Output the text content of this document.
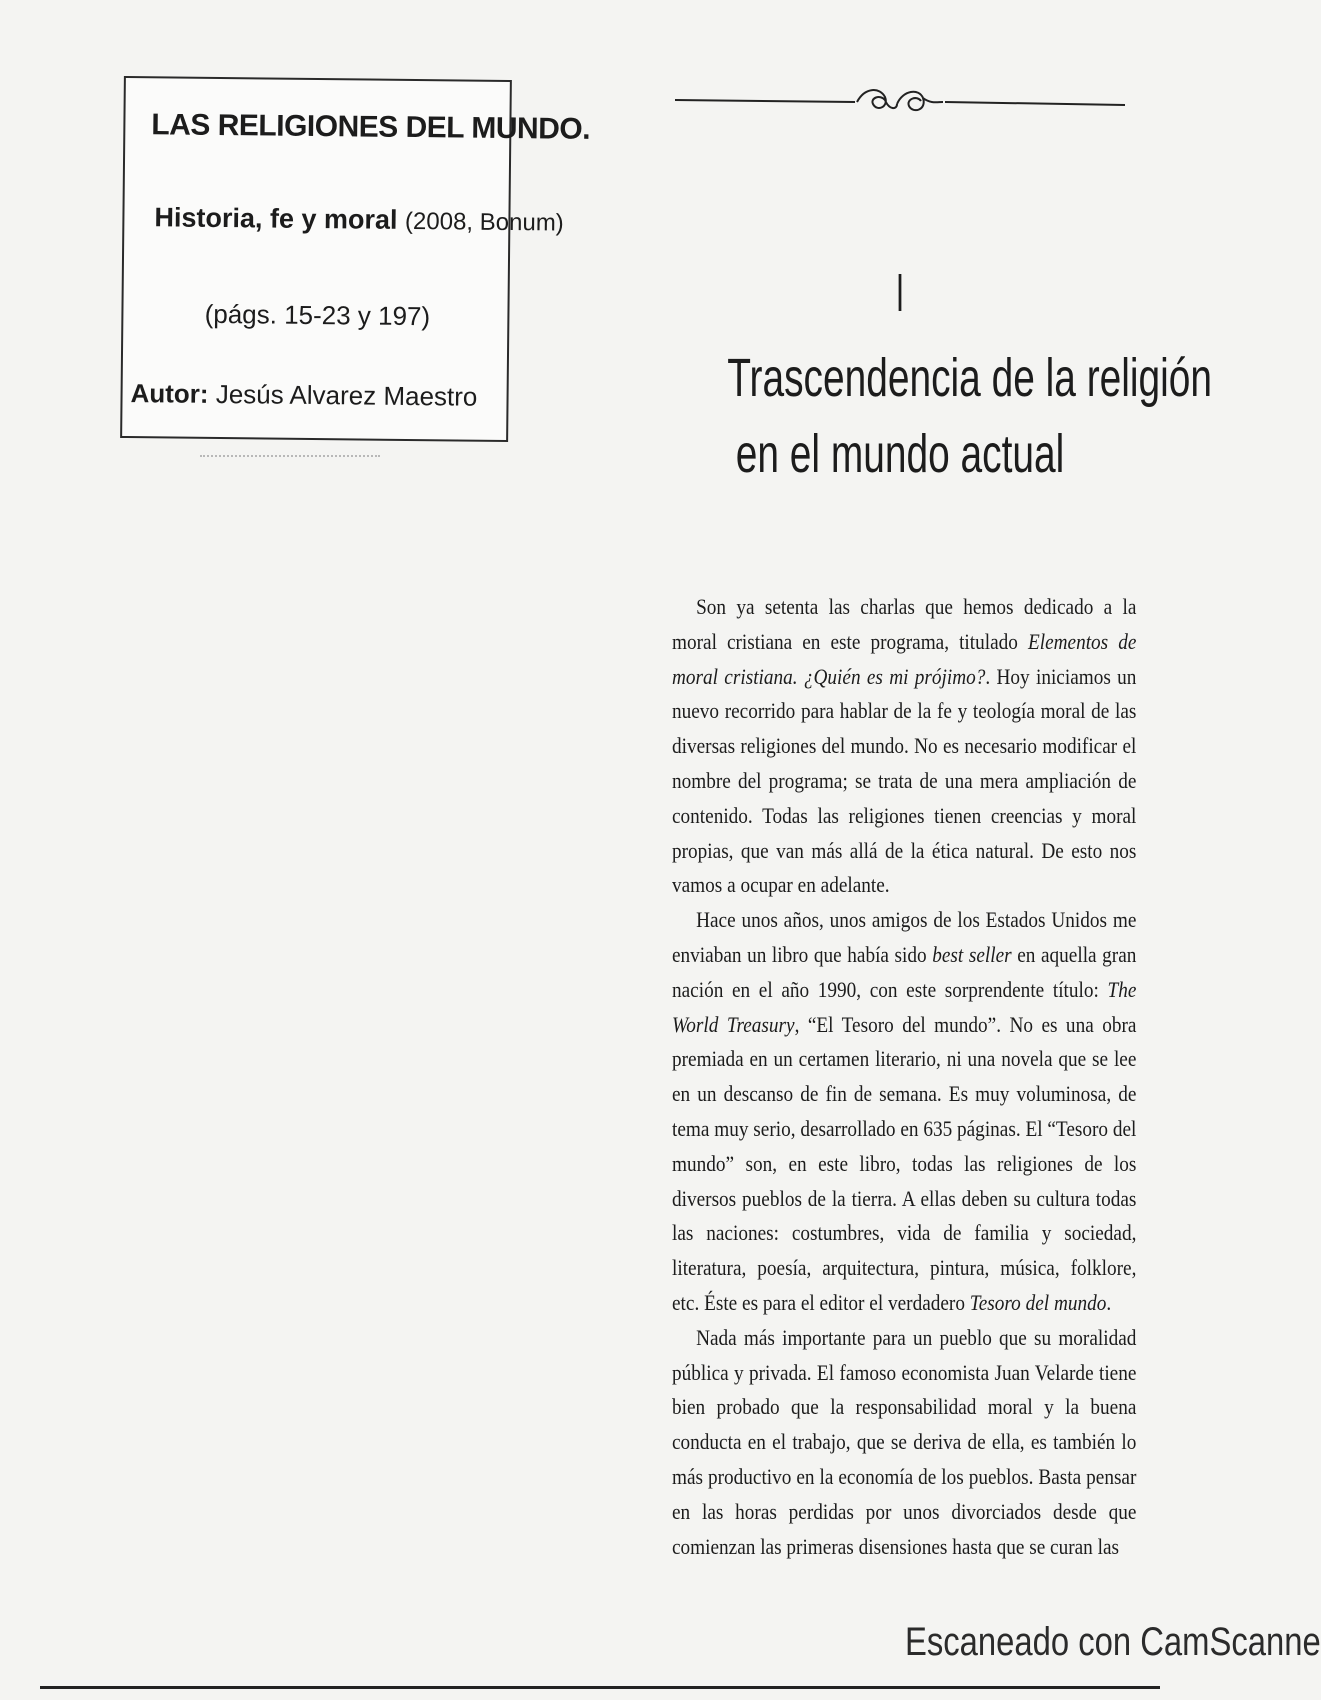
LAS RELIGIONES DEL MUNDO.
Historia, fe y moral (2008, Bonum)
(págs. 15-23 y 197)
Autor: Jesús Alvarez Maestro
I
Trascendencia de la religión
en el mundo actual

Son ya setenta las charlas que hemos dedicado a la moral cristiana en este programa, titulado Elementos de moral cristiana. ¿Quién es mi prójimo?. Hoy iniciamos un nuevo recorrido para hablar de la fe y teología moral de las diversas religiones del mundo. No es necesario modificar el nombre del programa; se trata de una mera ampliación de contenido. Todas las religiones tienen creencias y moral propias, que van más allá de la ética natural. De esto nos vamos a ocupar en adelante.

Hace unos años, unos amigos de los Estados Unidos me enviaban un libro que había sido best seller en aquella gran nación en el año 1990, con este sorprendente título: The World Treasury, “El Tesoro del mundo”. No es una obra premiada en un certamen literario, ni una novela que se lee en un descanso de fin de semana. Es muy voluminosa, de tema muy serio, desarrollado en 635 páginas. El “Tesoro del mundo” son, en este libro, todas las religiones de los diversos pueblos de la tierra. A ellas deben su cultura todas las naciones: costumbres, vida de familia y sociedad, literatura, poesía, arquitectura, pintura, música, folklore, etc. Éste es para el editor el verdadero Tesoro del mundo.

Nada más importante para un pueblo que su moralidad pública y privada. El famoso economista Juan Velarde tiene bien probado que la responsabilidad moral y la buena conducta en el trabajo, que se deriva de ella, es también lo más productivo en la economía de los pueblos. Basta pensar en las horas perdidas por unos divorciados desde que comienzan las primeras disensiones hasta que se curan las

Escaneado con CamScanne
